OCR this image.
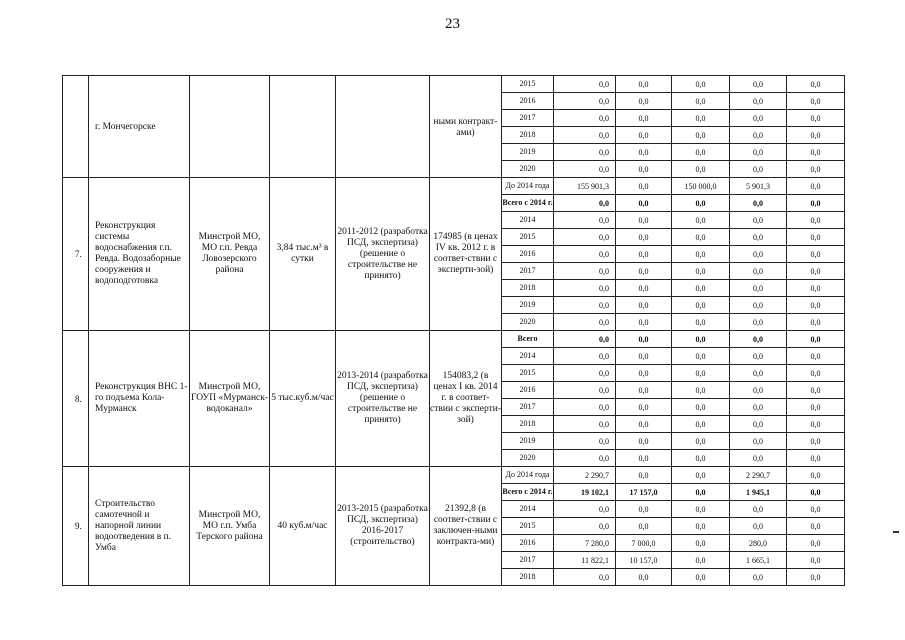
23
	г. Мончегорске				ными контракт-ами)	2015	0,0	0,0	0,0	0,0	0,0
						2016	0,0	0,0	0,0	0,0	0,0
						2017	0,0	0,0	0,0	0,0	0,0
						2018	0,0	0,0	0,0	0,0	0,0
						2019	0,0	0,0	0,0	0,0	0,0
						2020	0,0	0,0	0,0	0,0	0,0
7.	Реконструкция системы водоснабжения г.п. Ревда. Водозаборные сооружения и водоподготовка	Минстрой МО, МО г.п. Ревда Ловозерского района	3,84 тыс.м³ в сутки	2011-2012 (разработка ПСД, экспертиза) (решение о строительстве не принято)	174985 (в ценах IV кв. 2012 г. в соответ-ствии с эксперти-зой)	До 2014 года	155 901,3	0,0	150 000,0	5 901,3	0,0
						Всего с 2014 г.	0,0	0,0	0,0	0,0	0,0
						2014	0,0	0,0	0,0	0,0	0,0
						2015	0,0	0,0	0,0	0,0	0,0
						2016	0,0	0,0	0,0	0,0	0,0
						2017	0,0	0,0	0,0	0,0	0,0
						2018	0,0	0,0	0,0	0,0	0,0
						2019	0,0	0,0	0,0	0,0	0,0
						2020	0,0	0,0	0,0	0,0	0,0
8.	Реконструкция ВНС 1-го подъема Кола-Мурманск	Минстрой МО, ГОУП «Мурманск-водоканал»	5 тыс.куб.м/час	2013-2014 (разработка ПСД, экспертиза) (решение о строительстве не принято)	154083,2 (в ценах I кв. 2014 г. в соответ-ствии с эксперти-зой)	Всего	0,0	0,0	0,0	0,0	0,0
						2014	0,0	0,0	0,0	0,0	0,0
						2015	0,0	0,0	0,0	0,0	0,0
						2016	0,0	0,0	0,0	0,0	0,0
						2017	0,0	0,0	0,0	0,0	0,0
						2018	0,0	0,0	0,0	0,0	0,0
						2019	0,0	0,0	0,0	0,0	0,0
						2020	0,0	0,0	0,0	0,0	0,0
9.	Строительство самотечной и напорной линии водоотведения в п. Умба	Минстрой МО, МО г.п. Умба Терского района	40 куб.м/час	2013-2015 (разработка ПСД, экспертиза) 2016-2017 (строительство)	21392,8 (в соответ-ствии с заключен-ными контракта-ми)	До 2014 года	2 290,7	0,0	0,0	2 290,7	0,0
						Всего с 2014 г.	19 102,1	17 157,0	0,0	1 945,1	0,0
						2014	0,0	0,0	0,0	0,0	0,0
						2015	0,0	0,0	0,0	0,0	0,0
						2016	7 280,0	7 000,0	0,0	280,0	0,0
						2017	11 822,1	10 157,0	0,0	1 665,1	0,0
						2018	0,0	0,0	0,0	0,0	0,0
